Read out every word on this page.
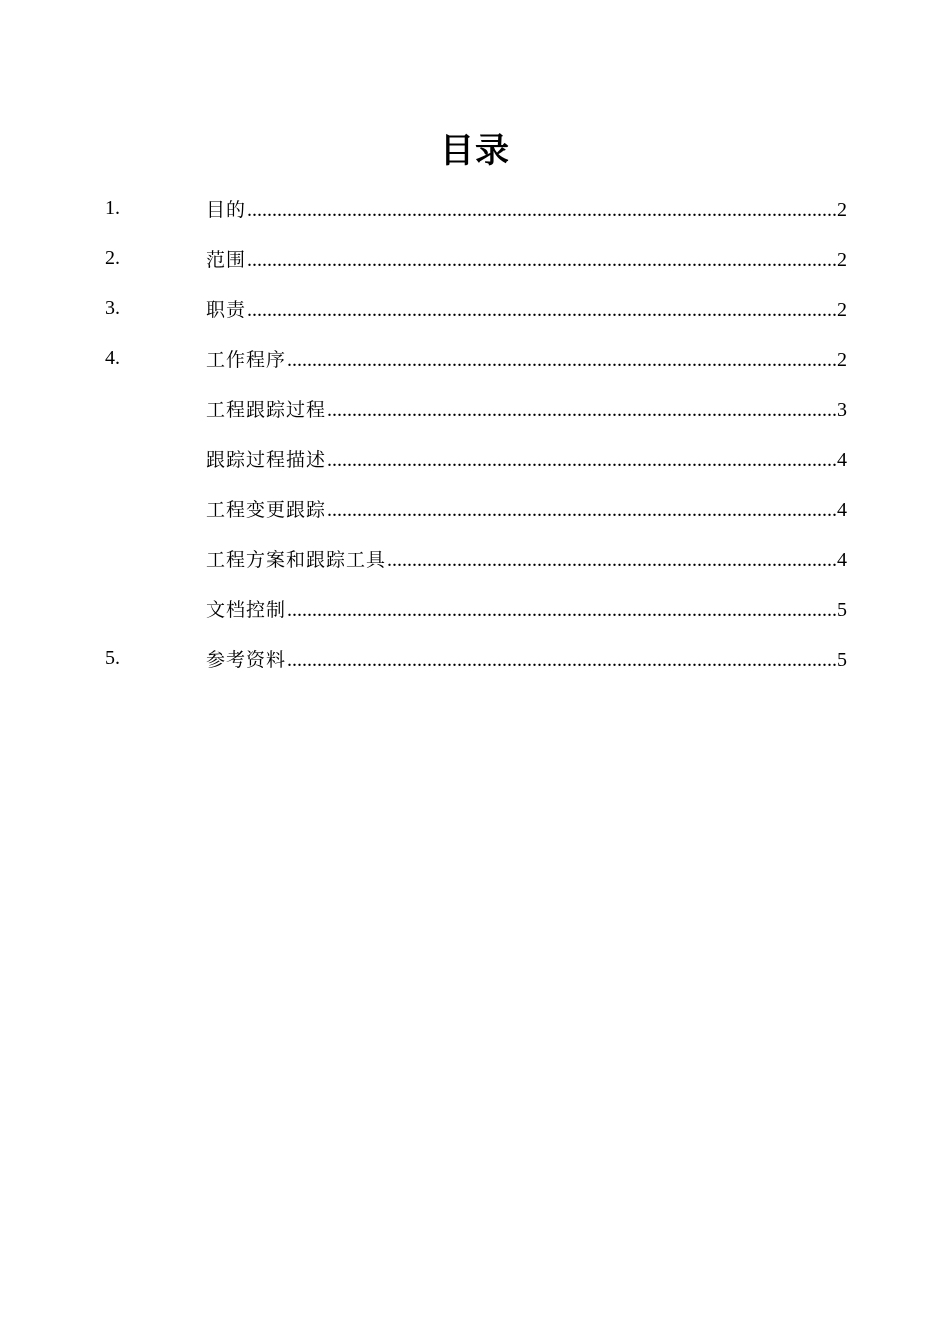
目录
1.	目的 .....	2
2.	范围 .....	2
3.	职责 .....	2
4.	工作程序 .....	2
工程跟踪过程 .....	3
跟踪过程描述 .....	4
工程变更跟踪 .....	4
工程方案和跟踪工具 .....	4
文档控制 .....	5
5.	参考资料 .....	5
